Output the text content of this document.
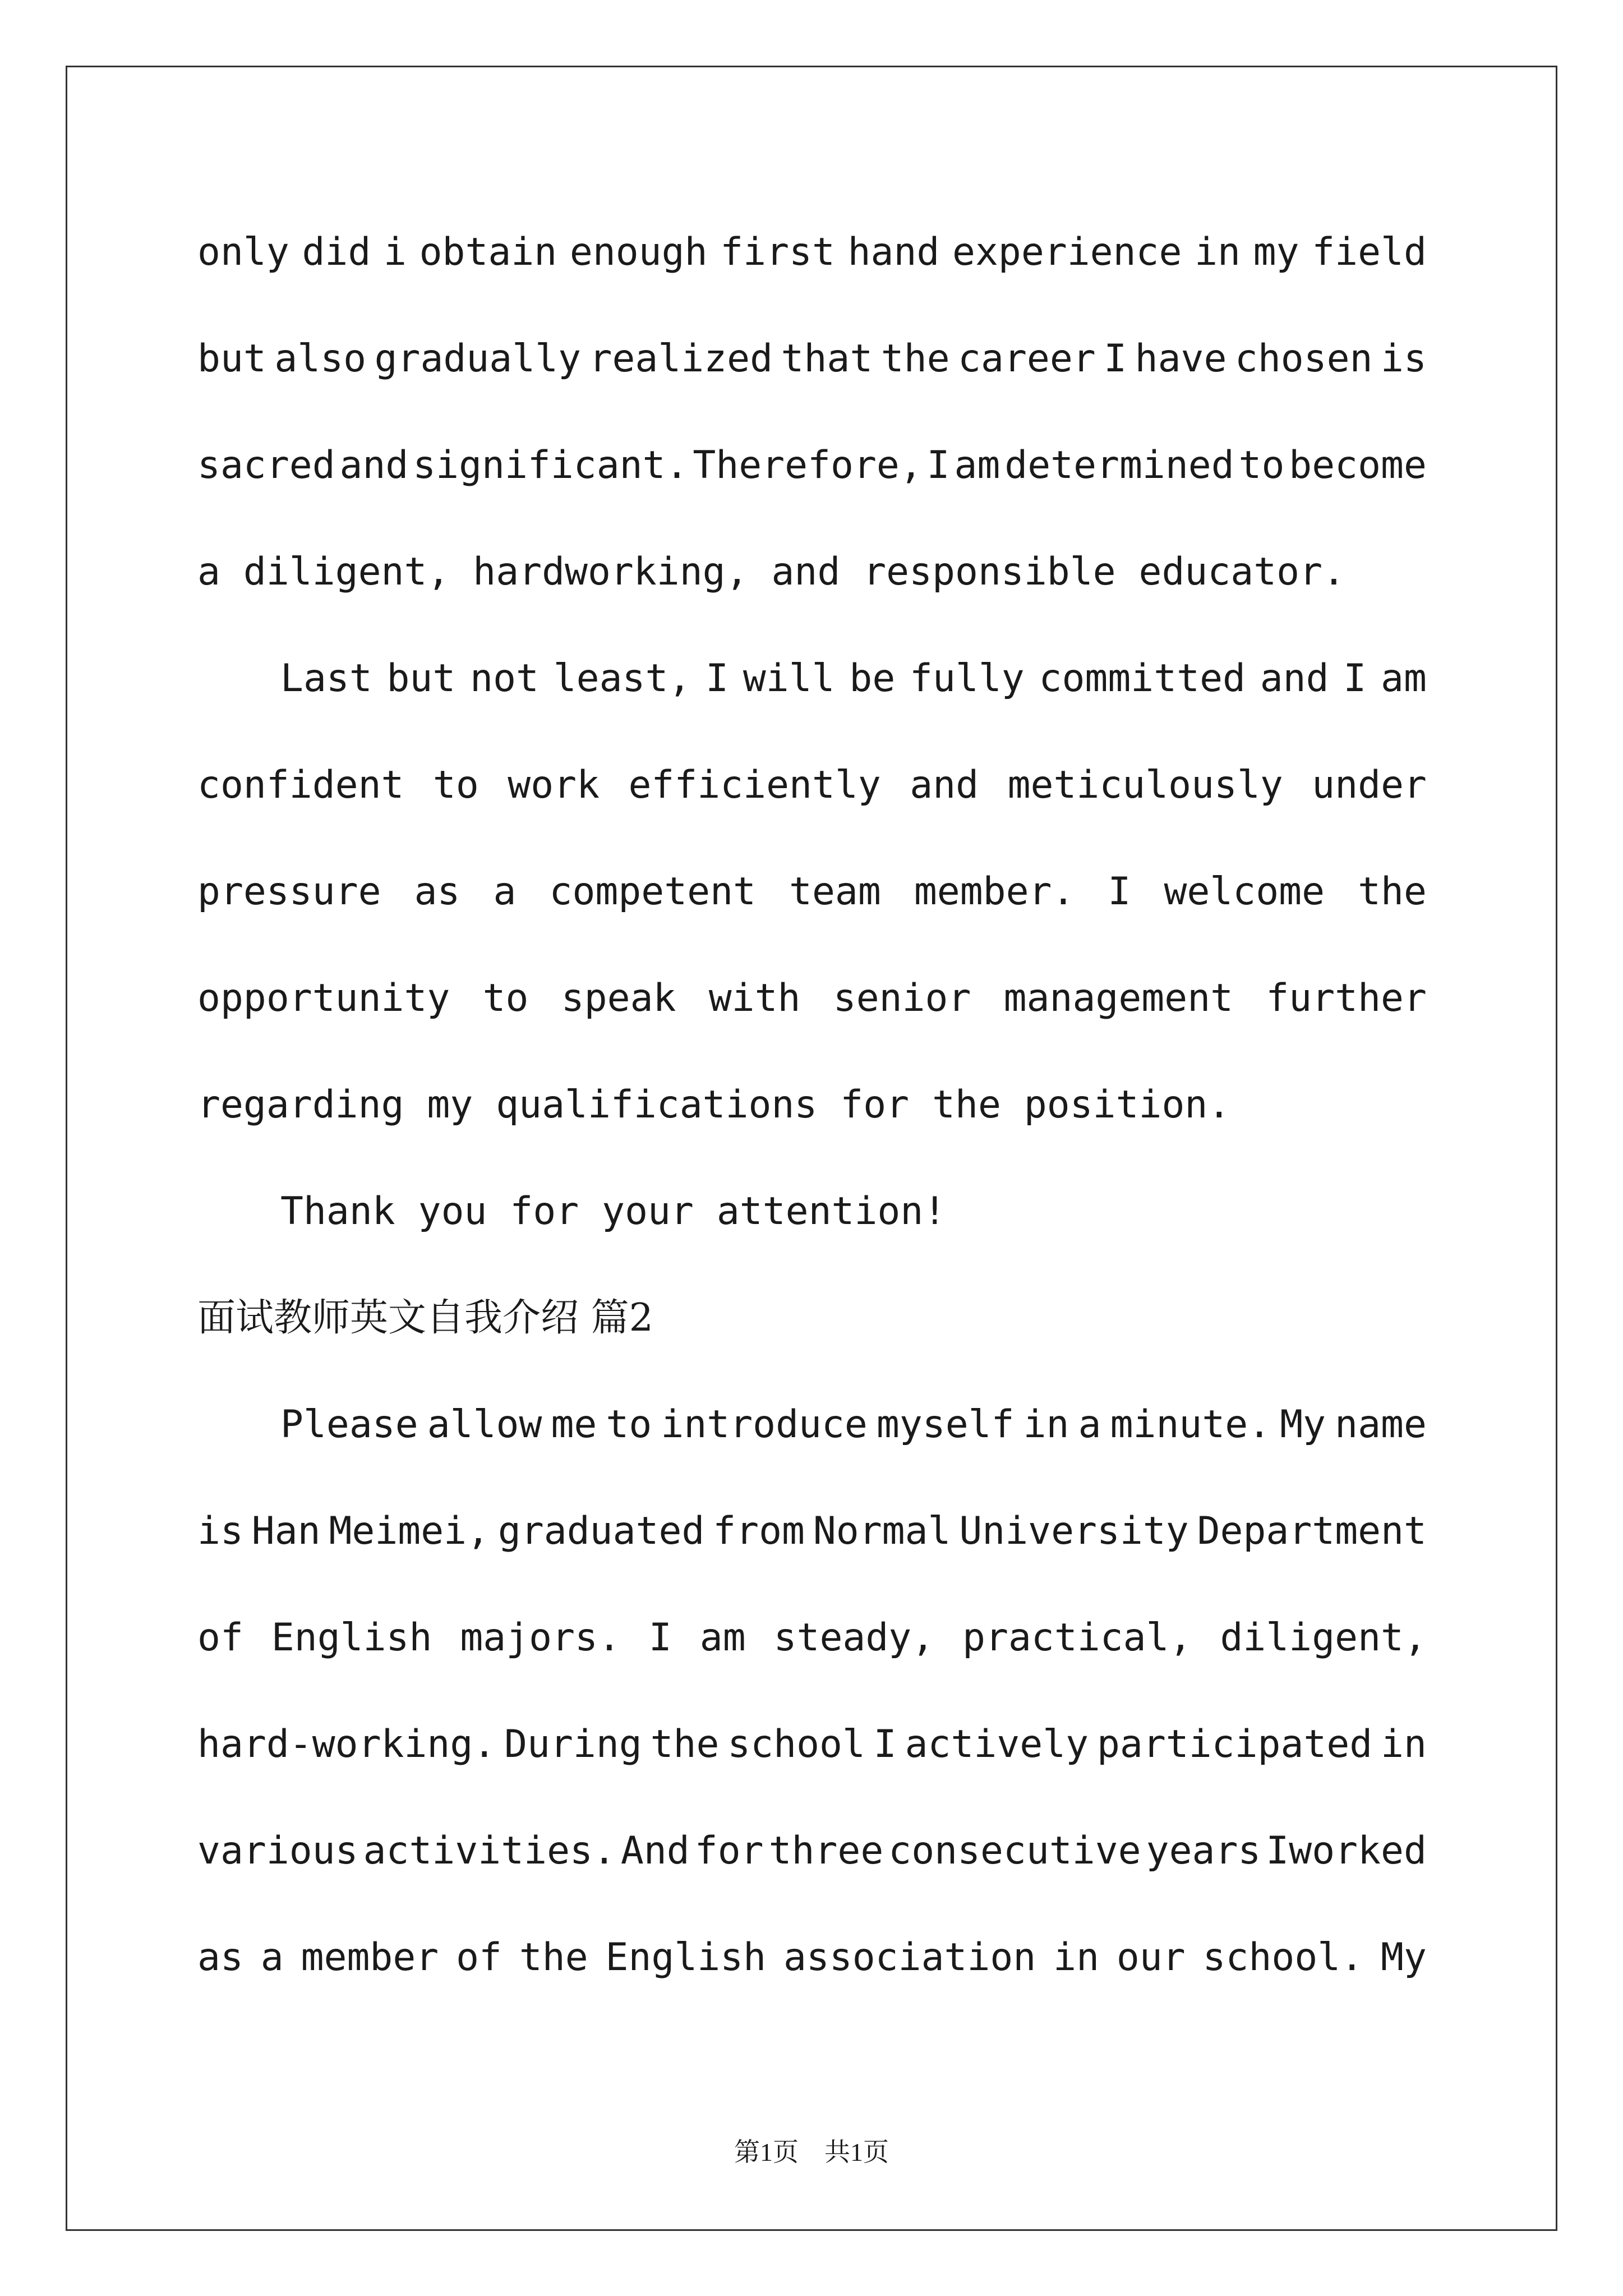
only did i obtain enough first hand experience in my field
but also gradually realized that the career I have chosen is
sacred and significant. Therefore, I am determined to become
a diligent, hardworking, and responsible educator.
Last but not least, I will be fully committed and I am
confident to work efficiently and meticulously under
pressure as a competent team member. I welcome the
opportunity to speak with senior management further
regarding my qualifications for the position.
Thank you for your attention!
面试教师英文自我介绍 篇2
Please allow me to introduce myself in a minute. My name
is Han Meimei, graduated from Normal University Department
of English majors. I am steady, practical, diligent,
hard-working. During the school I actively participated in
various activities. And for three consecutive years Iworked
as a member of the English association in our school. My
第1页 共1页
